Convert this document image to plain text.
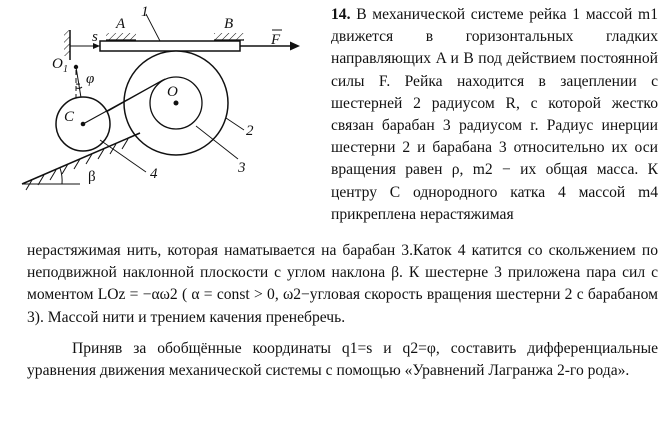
A	B
1
s	F
O 1
φ
C
O
2
3
4
β

14. В механической системе рейка 1 массой m1 движется в горизонтальных гладких направляющих A и B под действием постоянной силы F. Рейка находится в зацеплении с шестерней 2 радиусом R, с которой жестко связан барабан 3 радиусом r. Радиус инерции шестерни 2 и барабана 3 относительно их оси вращения равен ρ, m2 − их общая масса. К центру C однородного катка 4 массой m4 прикреплена нерастяжимая

нерастяжимая нить, которая наматывается на барабан 3.Каток 4 катится со скольжением по неподвижной наклонной плоскости с углом наклона β. К шестерне 3 приложена пара сил с моментом LOz = −αω2 ( α = const > 0, ω2−угловая скорость вращения шестерни 2 с барабаном 3). Массой нити и трением качения пренебречь.

Приняв за обобщённые координаты q1=s и q2=φ, составить дифференциальные уравнения движения механической системы с помощью «Уравнений Лагранжа 2-го рода».
